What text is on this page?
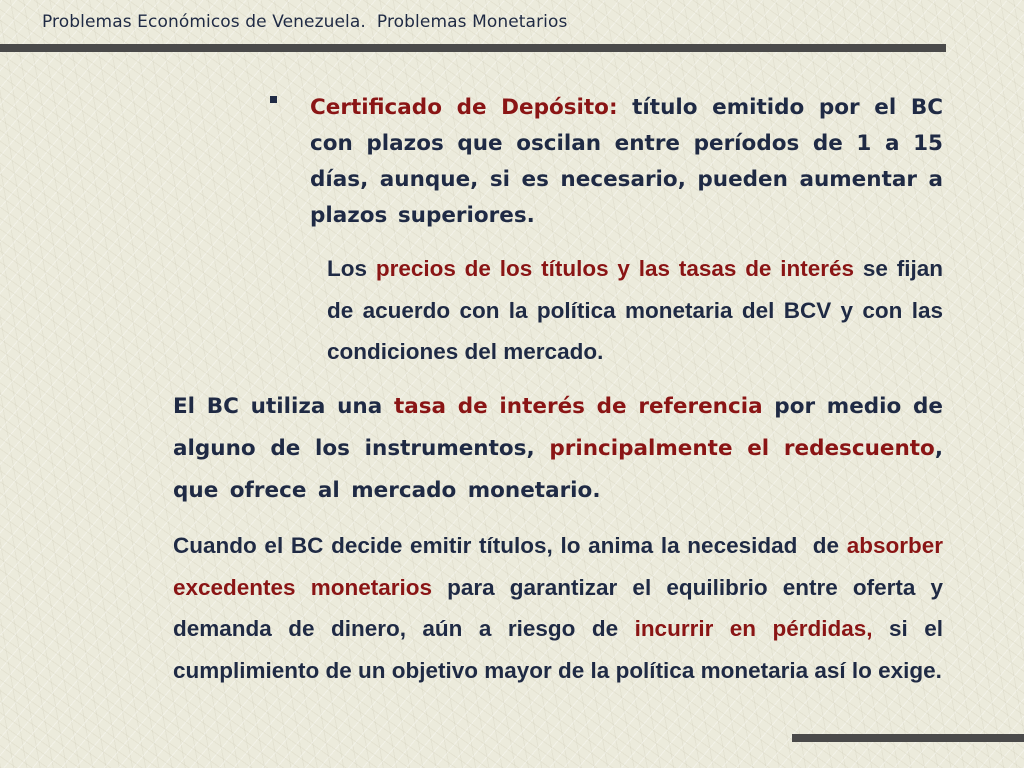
Problemas Económicos de Venezuela.  Problemas Monetarios
Certificado de Depósito: título emitido por el BC con plazos que oscilan entre períodos de 1 a 15 días, aunque, si es necesario, pueden aumentar a plazos superiores.
Los precios de los títulos y las tasas de interés se fijan de acuerdo con la política monetaria del BCV y con las condiciones del mercado.
El BC utiliza una tasa de interés de referencia por medio de alguno de los instrumentos, principalmente el redescuento, que ofrece al mercado monetario.
Cuando el BC decide emitir títulos, lo anima la necesidad  de absorber excedentes monetarios para garantizar el equilibrio entre oferta y demanda de dinero, aún a riesgo de incurrir en pérdidas, si el cumplimiento de un objetivo mayor de la política monetaria así lo exige.
